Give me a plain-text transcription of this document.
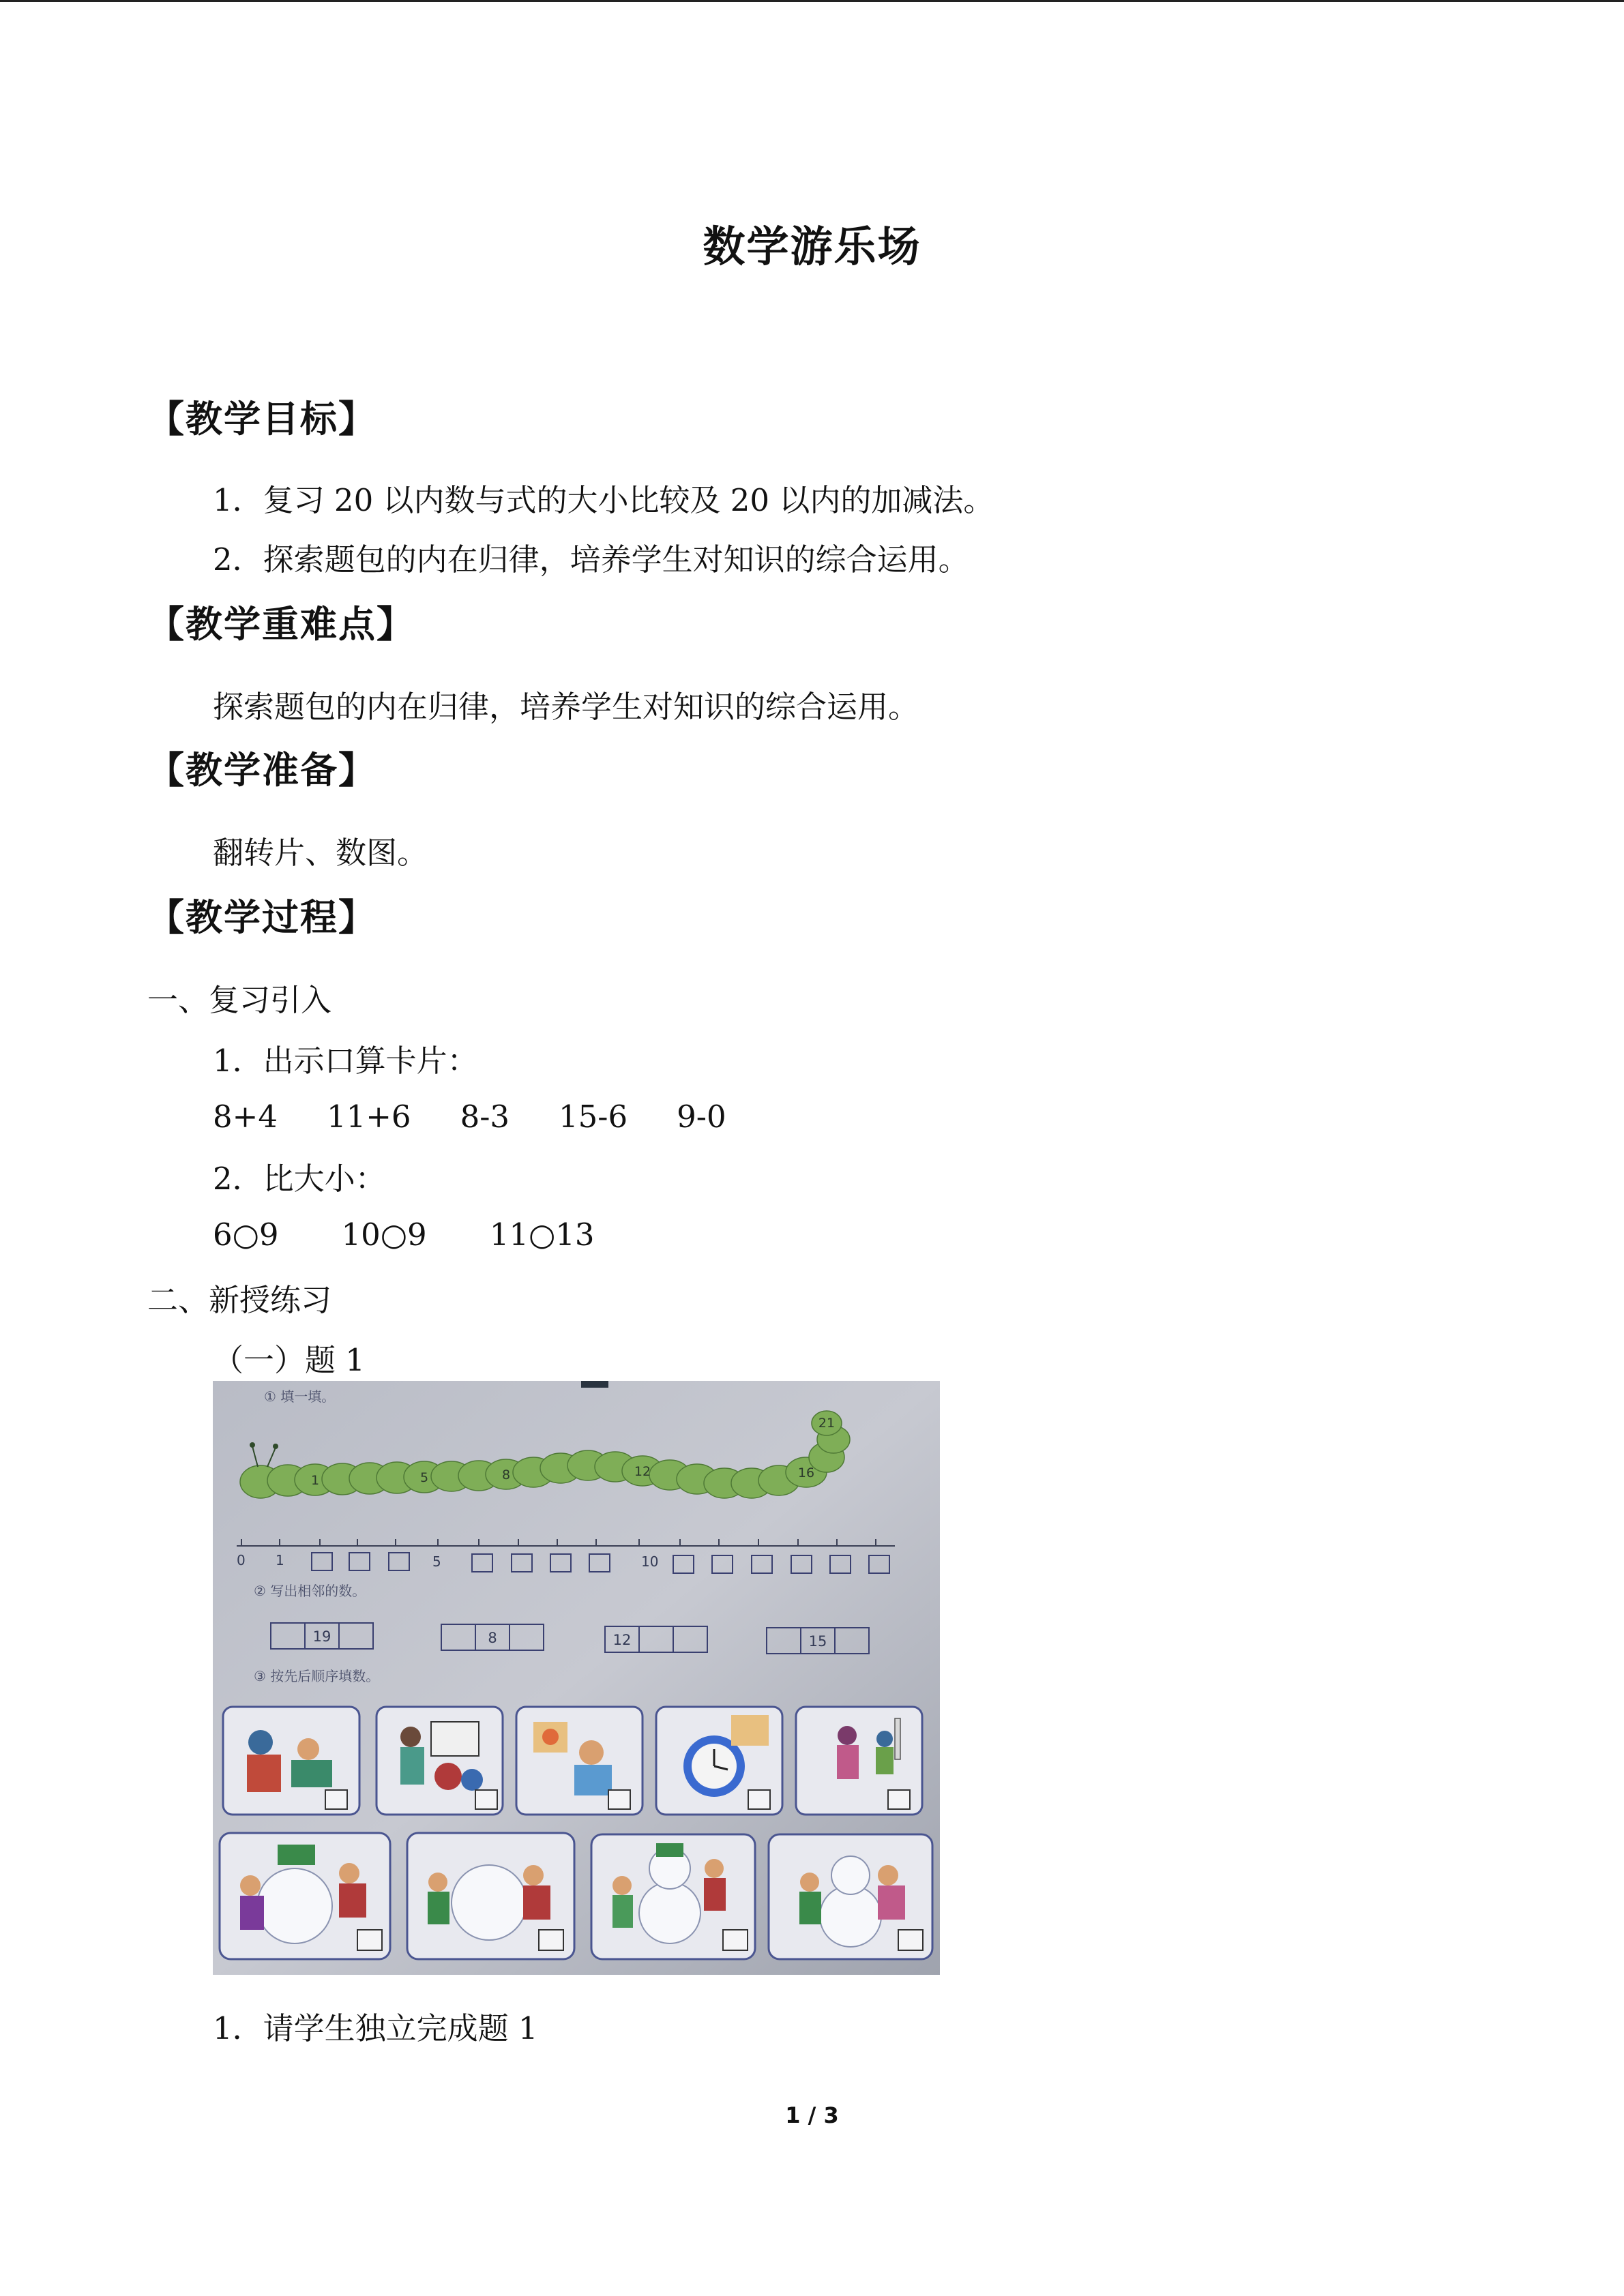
数学游乐场
【教学目标】
1．复习 20 以内数与式的大小比较及 20 以内的加减法。
2．探索题包的内在归律，培养学生对知识的综合运用。
【教学重难点】
探索题包的内在归律，培养学生对知识的综合运用。
【教学准备】
翻转片、数图。
【教学过程】
一、复习引入
1．出示口算卡片：
8+4 11+6 8-3 15-6 9-0
2．比大小：
6○9 10○9 11○13
二、新授练习
（一）题 1
① 填一填。
1	5	8	12	16
21
0 1	5	10
② 写出相邻的数。
19	8	12	15
③ 按先后顺序填数。
1．请学生独立完成题 1
1 / 3
